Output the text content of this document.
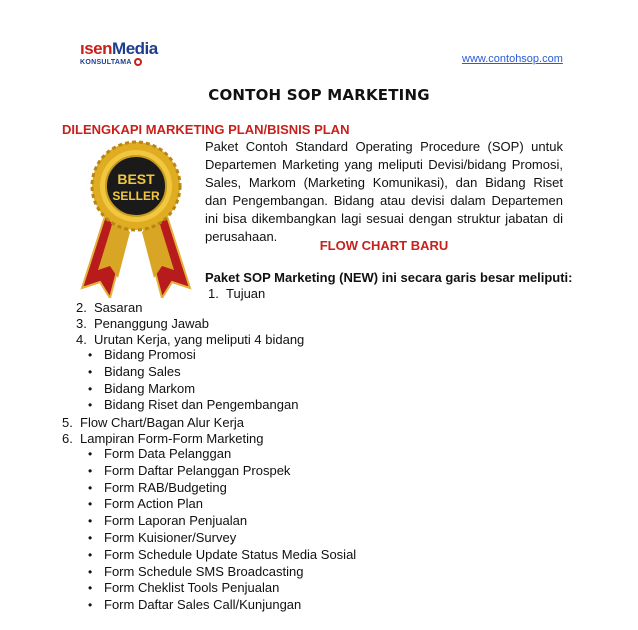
ısenMedia
KONSULTAMA	www.contohsop.com
CONTOH SOP MARKETING
DILENGKAPI MARKETING PLAN/BISNIS PLAN
BEST
SELLER
Paket Contoh Standard Operating Procedure (SOP) untuk Departemen Marketing yang meliputi Devisi/bidang Promosi, Sales, Markom (Marketing Komunikasi), dan Bidang Riset dan Pengembangan. Bidang atau devisi dalam Departemen ini bisa dikembangkan lagi sesuai dengan struktur jabatan di perusahaan.
FLOW CHART BARU
Paket SOP Marketing (NEW) ini secara garis besar meliputi:
1. Tujuan
2. Sasaran
3. Penanggung Jawab
4. Urutan Kerja, yang meliputi 4 bidang
•Bidang Promosi
•Bidang Sales
•Bidang Markom
•Bidang Riset dan Pengembangan
5. Flow Chart/Bagan Alur Kerja
6. Lampiran Form-Form Marketing
•Form Data Pelanggan
•Form Daftar Pelanggan Prospek
•Form RAB/Budgeting
•Form Action Plan
•Form Laporan Penjualan
•Form Kuisioner/Survey
•Form Schedule Update Status Media Sosial
•Form Schedule SMS Broadcasting
•Form Cheklist Tools Penjualan
•Form Daftar Sales Call/Kunjungan
